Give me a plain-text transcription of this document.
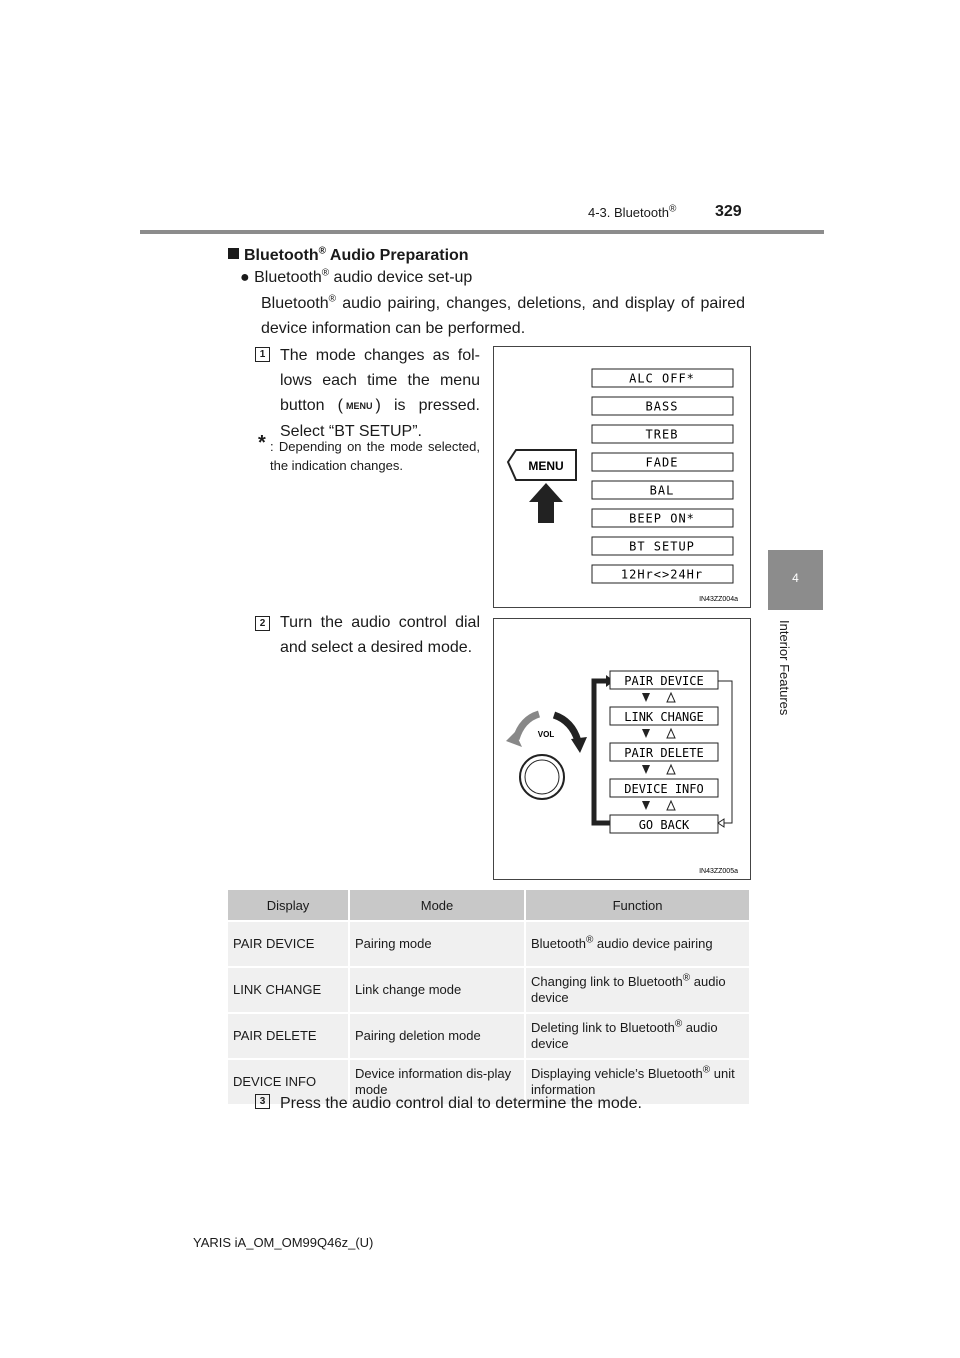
4-3. Bluetooth® 329
4
Interior Features
Bluetooth® Audio Preparation
● Bluetooth® audio device set-up
Bluetooth® audio pairing, changes, deletions, and display of paired device information can be performed.
1 The mode changes as fol-lows each time the menu button ( MENU ) is pressed. Select “BT SETUP”.
* : Depending on the mode selected, the indication changes.	MENU
ALC OFF*
BASS
TREB
FADE
BAL
BEEP ON*
BT SETUP
12Hr<>24Hr
IN43ZZ004a
2 Turn the audio control dial and select a desired mode.
VOL
PAIR DEVICE
LINK CHANGE
PAIR DELETE
DEVICE INFO
GO BACK
IN43ZZ005a
Display	Mode	Function
PAIR DEVICE	Pairing mode	Bluetooth® audio device pairing
LINK CHANGE	Link change mode	Changing link to Bluetooth® audio device
PAIR DELETE	Pairing deletion mode	Deleting link to Bluetooth® audio device
DEVICE INFO	Device information dis-play mode	Displaying vehicle’s Bluetooth® unit information
3 Press the audio control dial to determine the mode.
YARIS iA_OM_OM99Q46z_(U)
